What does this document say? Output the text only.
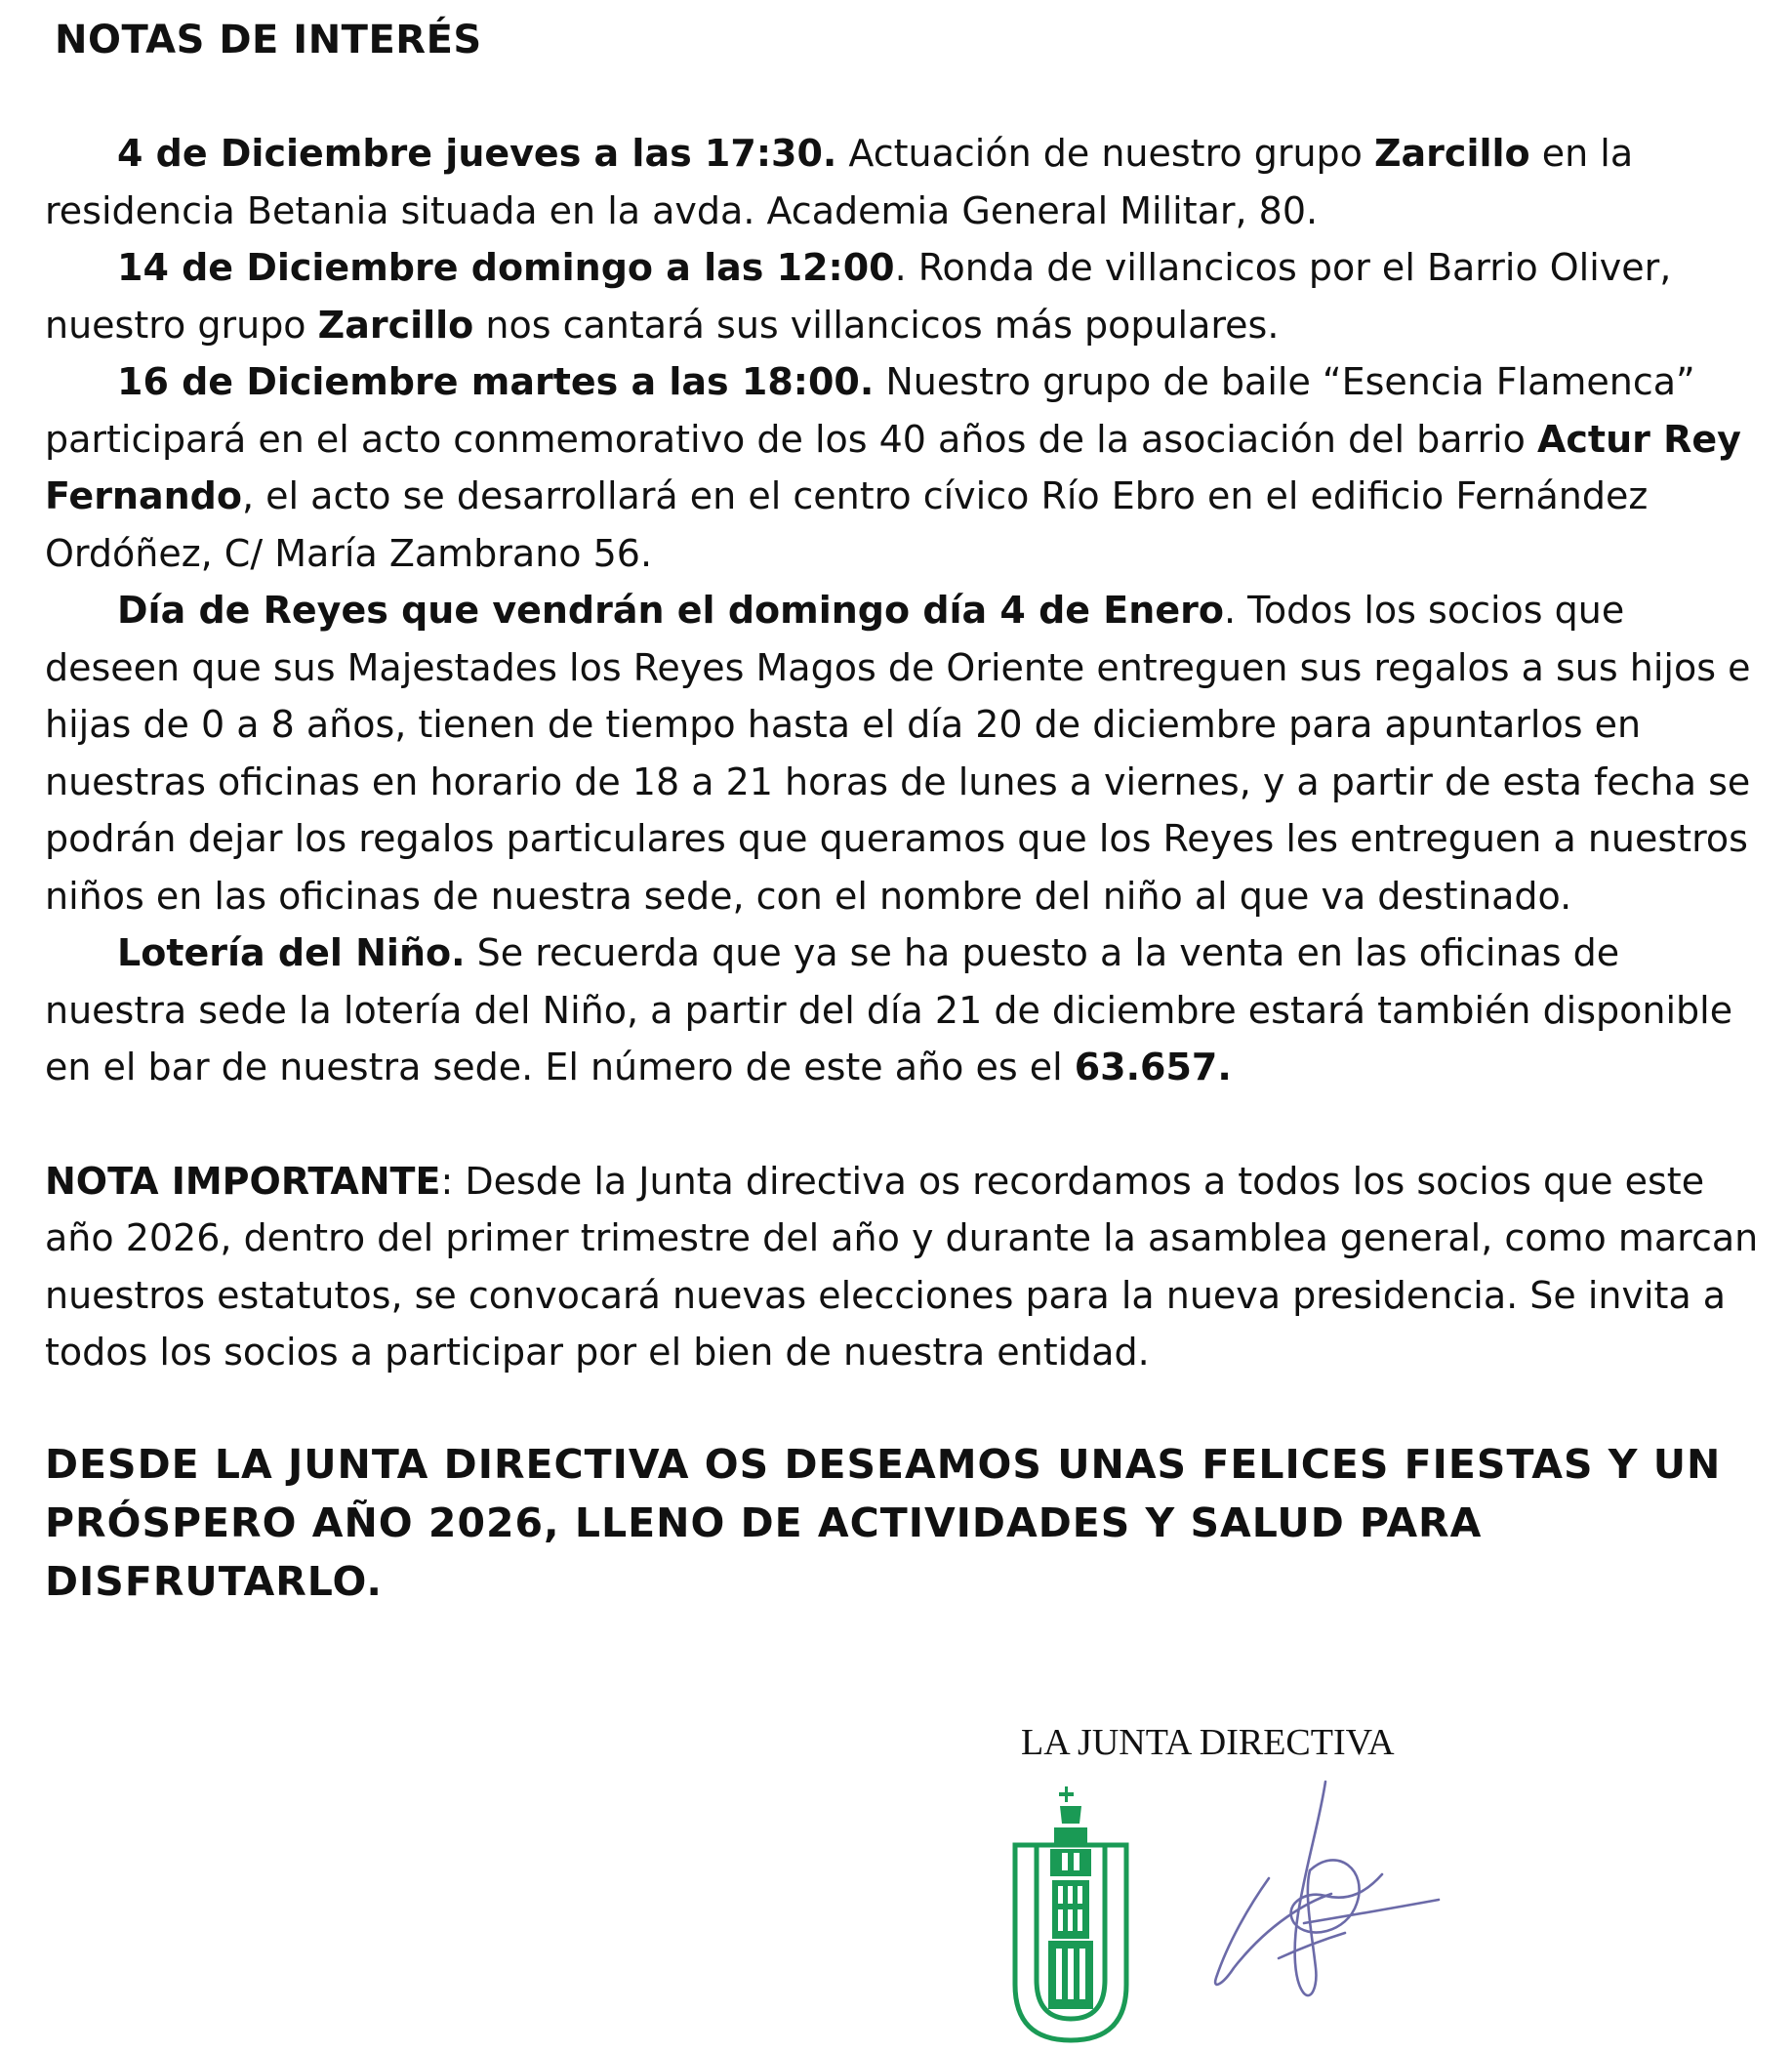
NOTAS DE INTERÉS

4 de Diciembre jueves a las 17:30. Actuación de nuestro grupo Zarcillo en la residencia Betania situada en la avda. Academia General Militar, 80.

14 de Diciembre domingo a las 12:00. Ronda de villancicos por el Barrio Oliver, nuestro grupo Zarcillo nos cantará sus villancicos más populares.

16 de Diciembre martes a las 18:00. Nuestro grupo de baile “Esencia Flamenca” participará en el acto conmemorativo de los 40 años de la asociación del barrio Actur Rey Fernando, el acto se desarrollará en el centro cívico Río Ebro en el edificio Fernández Ordóñez, C/ María Zambrano 56.

Día de Reyes que vendrán el domingo día 4 de Enero. Todos los socios que deseen que sus Majestades los Reyes Magos de Oriente entreguen sus regalos a sus hijos e hijas de 0 a 8 años, tienen de tiempo hasta el día 20 de diciembre para apuntarlos en nuestras oficinas en horario de 18 a 21 horas de lunes a viernes, y a partir de esta fecha se podrán dejar los regalos particulares que queramos que los Reyes les entreguen a nuestros niños en las oficinas de nuestra sede, con el nombre del niño al que va destinado.

Lotería del Niño. Se recuerda que ya se ha puesto a la venta en las oficinas de nuestra sede la lotería del Niño, a partir del día 21 de diciembre estará también disponible en el bar de nuestra sede. El número de este año es el 63.657.

NOTA IMPORTANTE: Desde la Junta directiva os recordamos a todos los socios que este año 2026, dentro del primer trimestre del año y durante la asamblea general, como marcan nuestros estatutos, se convocará nuevas elecciones para la nueva presidencia. Se invita a todos los socios a participar por el bien de nuestra entidad.

DESDE LA JUNTA DIRECTIVA OS DESEAMOS UNAS FELICES FIESTAS Y UN PRÓSPERO AÑO 2026, LLENO DE ACTIVIDADES Y SALUD PARA DISFRUTARLO.
LA JUNTA DIRECTIVA
